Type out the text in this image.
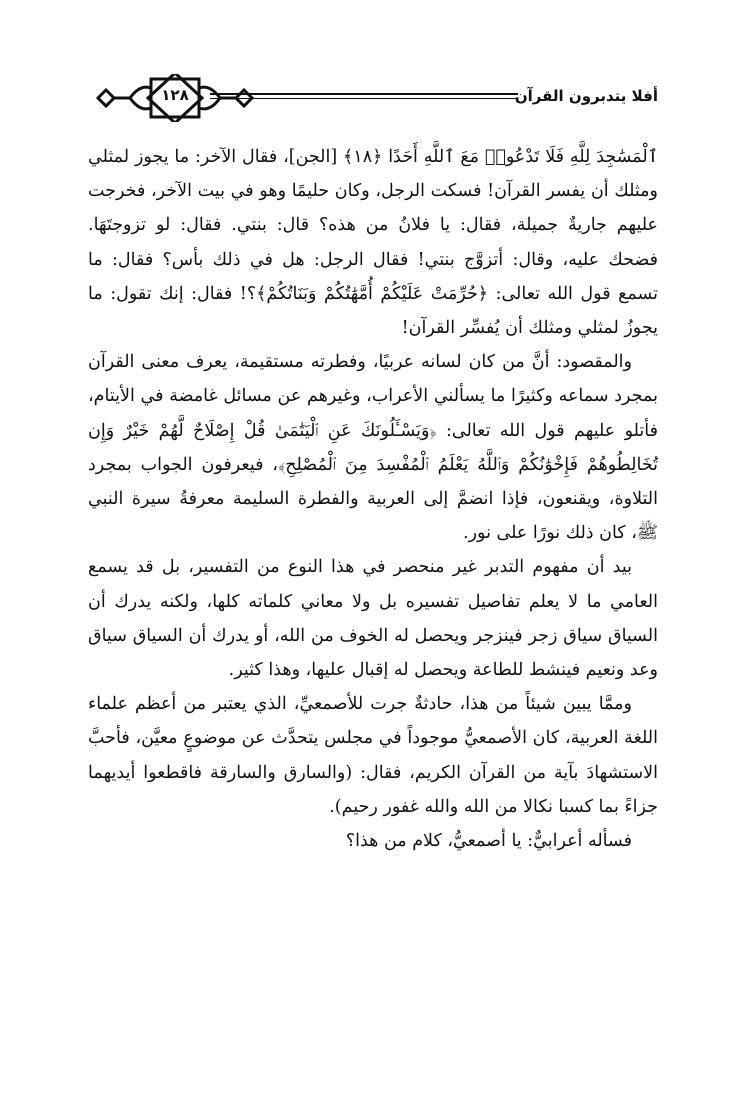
١٢٨	أفلا يتدبرون القرآن

ٱلْمَسَٰجِدَ لِلَّهِ فَلَا تَدْعُوا۟ مَعَ ٱللَّهِ أَحَدًا ﴿١٨﴾ [الجن]، فقال الآخر: ما يجوز لمثلي ومثلك أن يفسر القرآن! فسكت الرجل، وكان حليمًا وهو في بيت الآخر، فخرجت عليهم جاريةٌ جميلة، فقال: يا فلانُ من هذه؟ قال: بنتي. فقال: لو تزوجتَهَا. فضحك عليه، وقال: أتزوَّج بنتي! فقال الرجل: هل في ذلك بأس؟ فقال: ما تسمع قول الله تعالى: ﴿حُرِّمَتْ عَلَيْكُمْ أُمَّهَٰتُكُمْ وَبَنَاتُكُمْ﴾؟! فقال: إنك تقول: ما يجوزُ لمثلي ومثلك أن يُفسِّر القرآن!

والمقصود: أنَّ من كان لسانه عربيًا، وفطرته مستقيمة، يعرف معنى القرآن بمجرد سماعه وكثيرًا ما يسألني الأعراب، وغيرهم عن مسائل غامضة في الأيتام، فأتلو عليهم قول الله تعالى: ﴿وَيَسْـَٔلُونَكَ عَنِ ٱلْيَتَٰمَىٰ قُلْ إِصْلَاحٌ لَّهُمْ خَيْرٌ وَإِن تُخَالِطُوهُمْ فَإِخْوَٰنُكُمْ وَٱللَّهُ يَعْلَمُ ٱلْمُفْسِدَ مِنَ ٱلْمُصْلِحِ﴾، فيعرفون الجواب بمجرد التلاوة، ويقنعون، فإذا انضمَّ إلى العربية والفطرة السليمة معرفةُ سيرة النبي ﷺ، كان ذلك نورًا على نور.

بيد أن مفهوم التدبر غير منحصر في هذا النوع من التفسير، بل قد يسمع العامي ما لا يعلم تفاصيل تفسيره بل ولا معاني كلماته كلها، ولكنه يدرك أن السياق سياق زجر فينزجر ويحصل له الخوف من الله، أو يدرك أن السياق سياق وعد ونعيم فينشط للطاعة ويحصل له إقبال عليها، وهذا كثير.

وممَّا يبين شيئاً من هذا، حادثةٌ جرت للأصمعيِّ، الذي يعتبر من أعظم علماء اللغة العربية، كان الأصمعيُّ موجوداً في مجلس يتحدَّث عن موضوعٍ معيَّن، فأحبَّ الاستشهادَ بآية من القرآن الكريم، فقال: (والسارق والسارقة فاقطعوا أيديهما جزاءً بما كسبا نكالا من الله والله غفور رحيم).

فسأله أعرابيٌّ: يا أصمعيُّ، كلام من هذا؟
